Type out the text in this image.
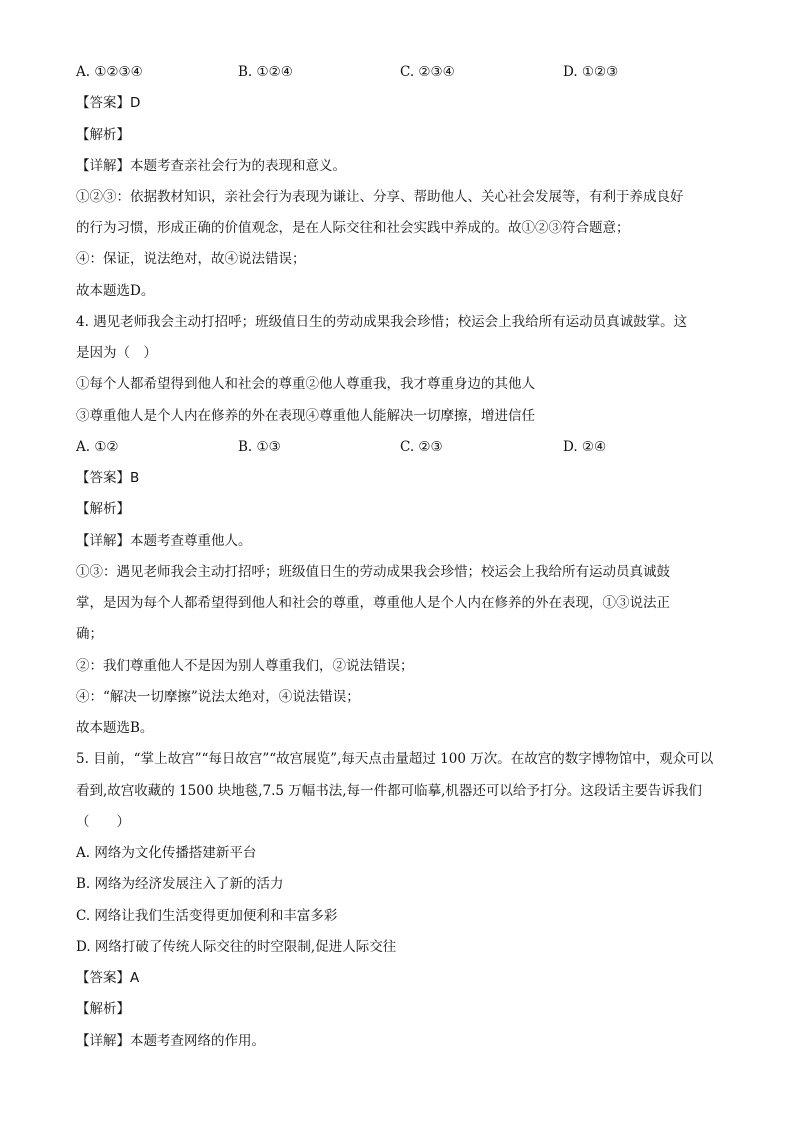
A. ①②③④	B. ①②④	C. ②③④	D. ①②③
【答案】D
【解析】
【详解】本题考查亲社会行为的表现和意义。
①②③：依据教材知识，亲社会行为表现为谦让、分享、帮助他人、关心社会发展等，有利于养成良好
的行为习惯，形成正确的价值观念，是在人际交往和社会实践中养成的。故①②③符合题意；
④：保证，说法绝对，故④说法错误；
故本题选D。
4. 遇见老师我会主动打招呼；班级值日生的劳动成果我会珍惜；校运会上我给所有运动员真诚鼓掌。这
是因为（　）
①每个人都希望得到他人和社会的尊重②他人尊重我，我才尊重身边的其他人
③尊重他人是个人内在修养的外在表现④尊重他人能解决一切摩擦，增进信任
A. ①②	B. ①③	C. ②③	D. ②④
【答案】B
【解析】
【详解】本题考查尊重他人。
①③：遇见老师我会主动打招呼；班级值日生的劳动成果我会珍惜；校运会上我给所有运动员真诚鼓
掌，是因为每个人都希望得到他人和社会的尊重，尊重他人是个人内在修养的外在表现，①③说法正
确；
②：我们尊重他人不是因为别人尊重我们，②说法错误；
④：“解决一切摩擦”说法太绝对，④说法错误；
故本题选B。
5. 目前，“掌上故宫”“每日故宫”“故宫展览”,每天点击量超过 100 万次。在故宫的数字博物馆中，观众可以
看到,故宫收藏的 1500 块地毯,7.5 万幅书法,每一件都可临摹,机器还可以给予打分。这段话主要告诉我们
（　　）
A. 网络为文化传播搭建新平台
B. 网络为经济发展注入了新的活力
C. 网络让我们生活变得更加便利和丰富多彩
D. 网络打破了传统人际交往的时空限制,促进人际交往
【答案】A
【解析】
【详解】本题考查网络的作用。
